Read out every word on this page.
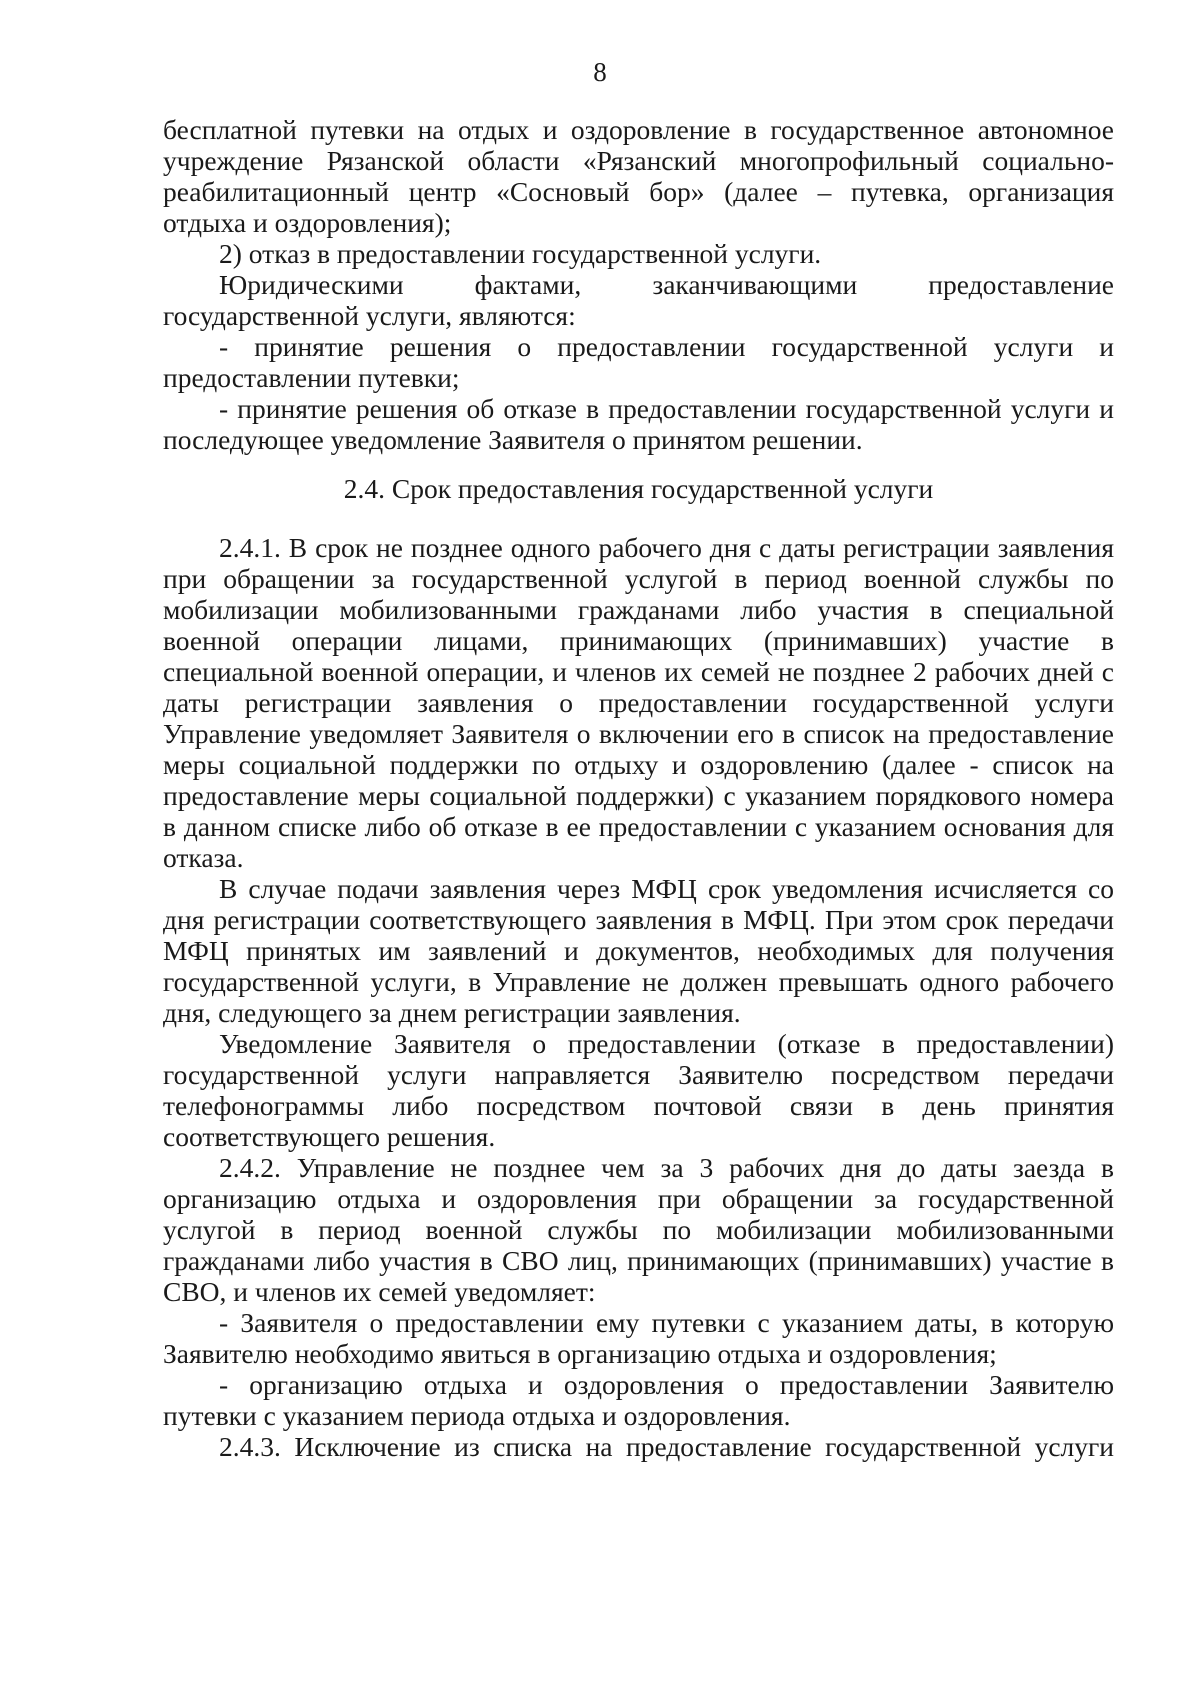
8

бесплатной путевки на отдых и оздоровление в государственное автономное учреждение Рязанской области «Рязанский многопрофильный социально-реабилитационный центр «Сосновый бор» (далее – путевка, организация отдыха и оздоровления);

2) отказ в предоставлении государственной услуги.

Юридическими фактами, заканчивающими предоставление государственной услуги, являются:

- принятие решения о предоставлении государственной услуги и предоставлении путевки;

- принятие решения об отказе в предоставлении государственной услуги и последующее уведомление Заявителя о принятом решении.

2.4. Срок предоставления государственной услуги

2.4.1. В срок не позднее одного рабочего дня с даты регистрации заявления при обращении за государственной услугой в период военной службы по мобилизации мобилизованными гражданами либо участия в специальной военной операции лицами, принимающих (принимавших) участие в специальной военной операции, и членов их семей не позднее 2 рабочих дней с даты регистрации заявления о предоставлении государственной услуги Управление уведомляет Заявителя о включении его в список на предоставление меры социальной поддержки по отдыху и оздоровлению (далее - список на предоставление меры социальной поддержки) с указанием порядкового номера в данном списке либо об отказе в ее предоставлении с указанием основания для отказа.

В случае подачи заявления через МФЦ срок уведомления исчисляется со дня регистрации соответствующего заявления в МФЦ. При этом срок передачи МФЦ принятых им заявлений и документов, необходимых для получения государственной услуги, в Управление не должен превышать одного рабочего дня, следующего за днем регистрации заявления.

Уведомление Заявителя о предоставлении (отказе в предоставлении) государственной услуги направляется Заявителю посредством передачи телефонограммы либо посредством почтовой связи в день принятия соответствующего решения.

2.4.2. Управление не позднее чем за 3 рабочих дня до даты заезда в организацию отдыха и оздоровления при обращении за государственной услугой в период военной службы по мобилизации мобилизованными гражданами либо участия в СВО лиц, принимающих (принимавших) участие в СВО, и членов их семей уведомляет:

- Заявителя о предоставлении ему путевки с указанием даты, в которую Заявителю необходимо явиться в организацию отдыха и оздоровления;

- организацию отдыха и оздоровления о предоставлении Заявителю путевки с указанием периода отдыха и оздоровления.

2.4.3. Исключение из списка на предоставление государственной услуги
